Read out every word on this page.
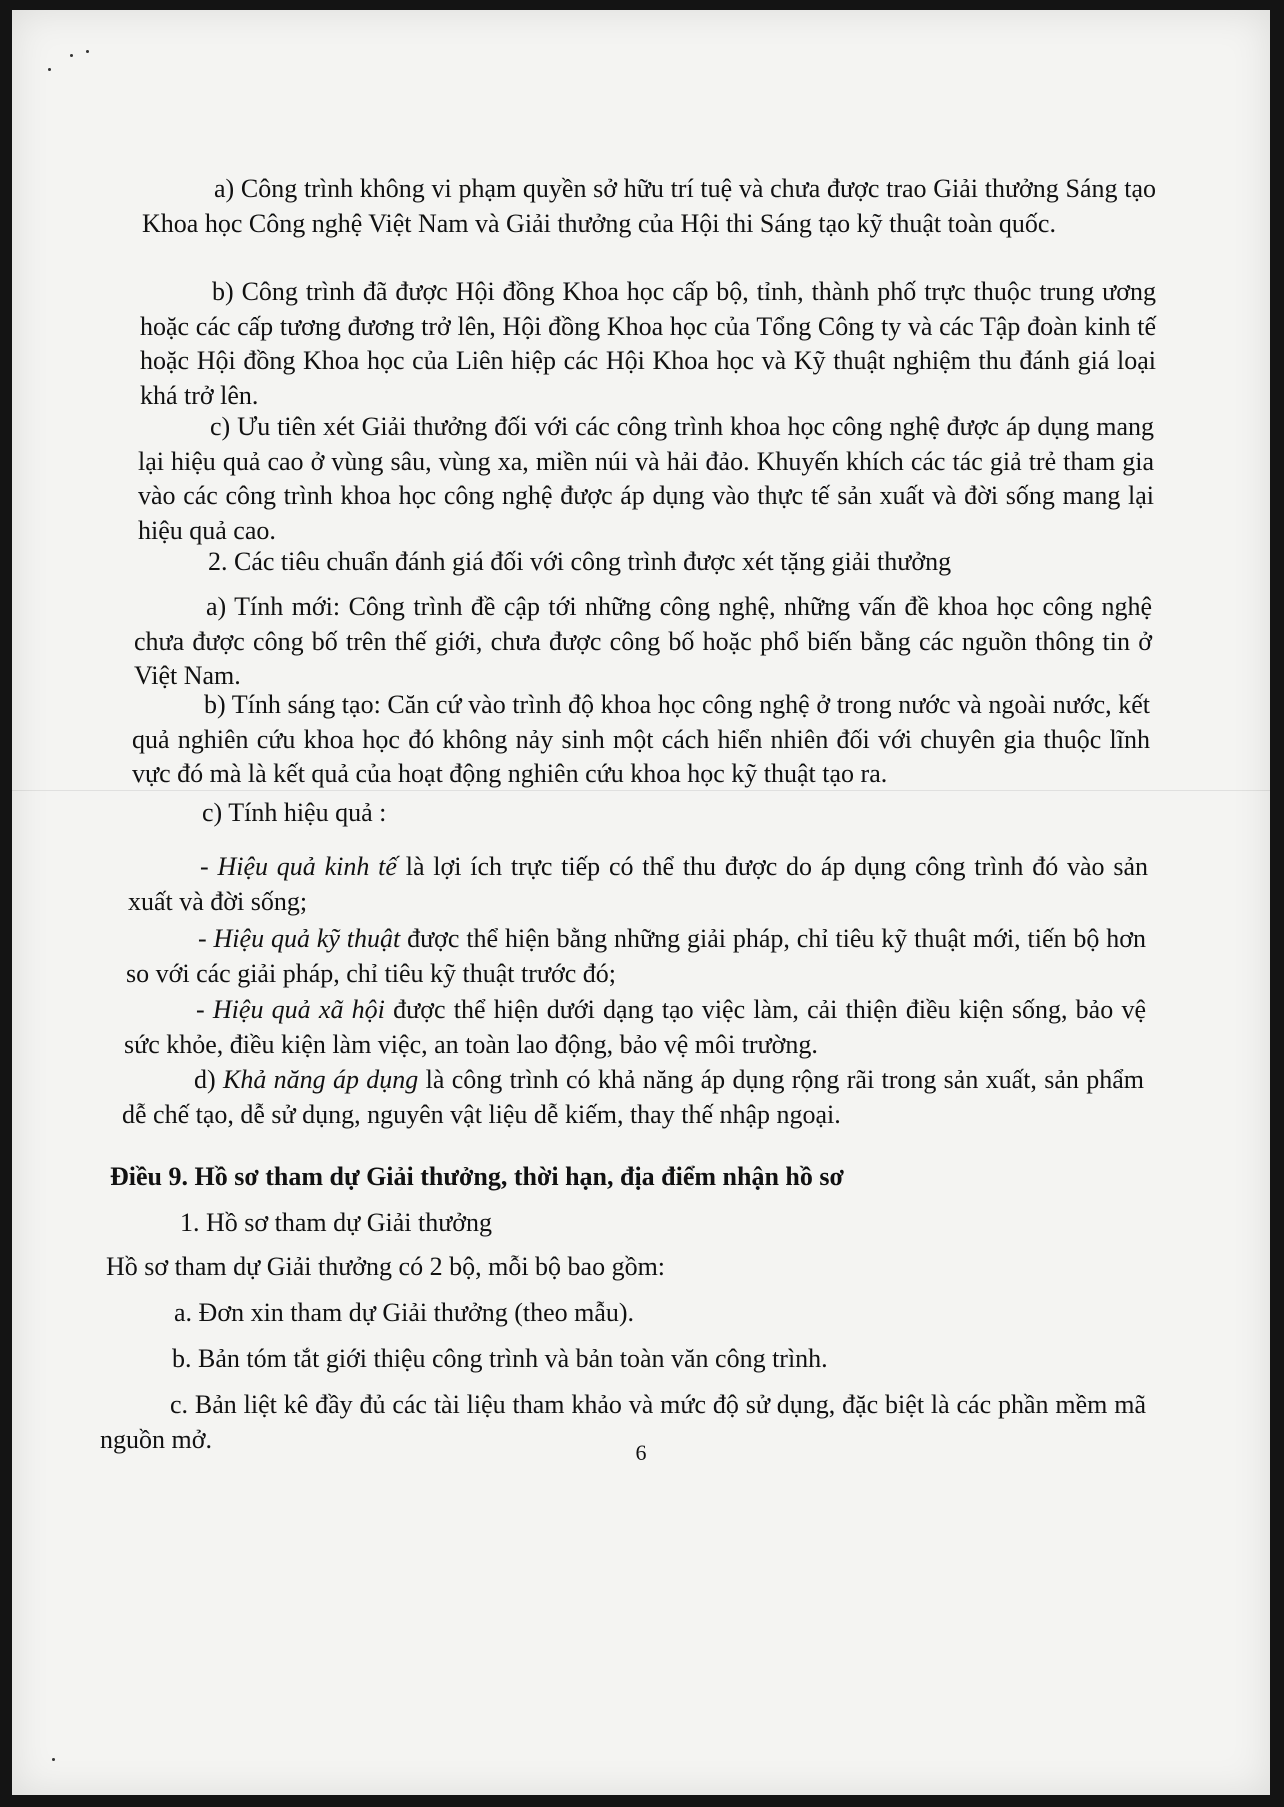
a) Công trình không vi phạm quyền sở hữu trí tuệ và chưa được trao Giải thưởng Sáng tạo Khoa học Công nghệ Việt Nam và Giải thưởng của Hội thi Sáng tạo kỹ thuật toàn quốc.

b) Công trình đã được Hội đồng Khoa học cấp bộ, tỉnh, thành phố trực thuộc trung ương hoặc các cấp tương đương trở lên, Hội đồng Khoa học của Tổng Công ty và các Tập đoàn kinh tế hoặc Hội đồng Khoa học của Liên hiệp các Hội Khoa học và Kỹ thuật nghiệm thu đánh giá loại khá trở lên.

c) Ưu tiên xét Giải thưởng đối với các công trình khoa học công nghệ được áp dụng mang lại hiệu quả cao ở vùng sâu, vùng xa, miền núi và hải đảo. Khuyến khích các tác giả trẻ tham gia vào các công trình khoa học công nghệ được áp dụng vào thực tế sản xuất và đời sống mang lại hiệu quả cao.

2. Các tiêu chuẩn đánh giá đối với công trình được xét tặng giải thưởng

a) Tính mới: Công trình đề cập tới những công nghệ, những vấn đề khoa học công nghệ chưa được công bố trên thế giới, chưa được công bố hoặc phổ biến bằng các nguồn thông tin ở Việt Nam.

b) Tính sáng tạo: Căn cứ vào trình độ khoa học công nghệ ở trong nước và ngoài nước, kết quả nghiên cứu khoa học đó không nảy sinh một cách hiển nhiên đối với chuyên gia thuộc lĩnh vực đó mà là kết quả của hoạt động nghiên cứu khoa học kỹ thuật tạo ra.

c) Tính hiệu quả :

- Hiệu quả kinh tế là lợi ích trực tiếp có thể thu được do áp dụng công trình đó vào sản xuất và đời sống;

- Hiệu quả kỹ thuật được thể hiện bằng những giải pháp, chỉ tiêu kỹ thuật mới, tiến bộ hơn so với các giải pháp, chỉ tiêu kỹ thuật trước đó;

- Hiệu quả xã hội được thể hiện dưới dạng tạo việc làm, cải thiện điều kiện sống, bảo vệ sức khỏe, điều kiện làm việc, an toàn lao động, bảo vệ môi trường.

d) Khả năng áp dụng là công trình có khả năng áp dụng rộng rãi trong sản xuất, sản phẩm dễ chế tạo, dễ sử dụng, nguyên vật liệu dễ kiếm, thay thế nhập ngoại.

Điều 9. Hồ sơ tham dự Giải thưởng, thời hạn, địa điểm nhận hồ sơ
1. Hồ sơ tham dự Giải thưởng
Hồ sơ tham dự Giải thưởng có 2 bộ, mỗi bộ bao gồm:
a. Đơn xin tham dự Giải thưởng (theo mẫu).
b. Bản tóm tắt giới thiệu công trình và bản toàn văn công trình.

c. Bản liệt kê đầy đủ các tài liệu tham khảo và mức độ sử dụng, đặc biệt là các phần mềm mã nguồn mở.	6
